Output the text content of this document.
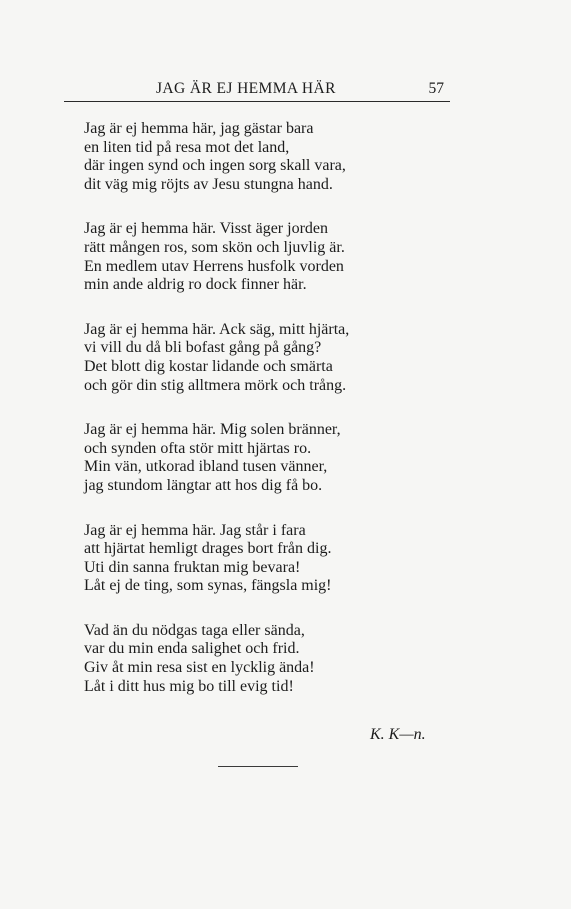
JAG ÄR EJ HEMMA HÄR	57
Jag är ej hemma här, jag gästar bara
en liten tid på resa mot det land,
där ingen synd och ingen sorg skall vara,
dit väg mig röjts av Jesu stungna hand.
Jag är ej hemma här. Visst äger jorden
rätt mången ros, som skön och ljuvlig är.
En medlem utav Herrens husfolk vorden
min ande aldrig ro dock finner här.
Jag är ej hemma här. Ack säg, mitt hjärta,
vi vill du då bli bofast gång på gång?
Det blott dig kostar lidande och smärta
och gör din stig alltmera mörk och trång.
Jag är ej hemma här. Mig solen bränner,
och synden ofta stör mitt hjärtas ro.
Min vän, utkorad ibland tusen vänner,
jag stundom längtar att hos dig få bo.
Jag är ej hemma här. Jag står i fara
att hjärtat hemligt drages bort från dig.
Uti din sanna fruktan mig bevara!
Låt ej de ting, som synas, fängsla mig!
Vad än du nödgas taga eller sända,
var du min enda salighet och frid.
Giv åt min resa sist en lycklig ända!
Låt i ditt hus mig bo till evig tid!
K. K—n.
